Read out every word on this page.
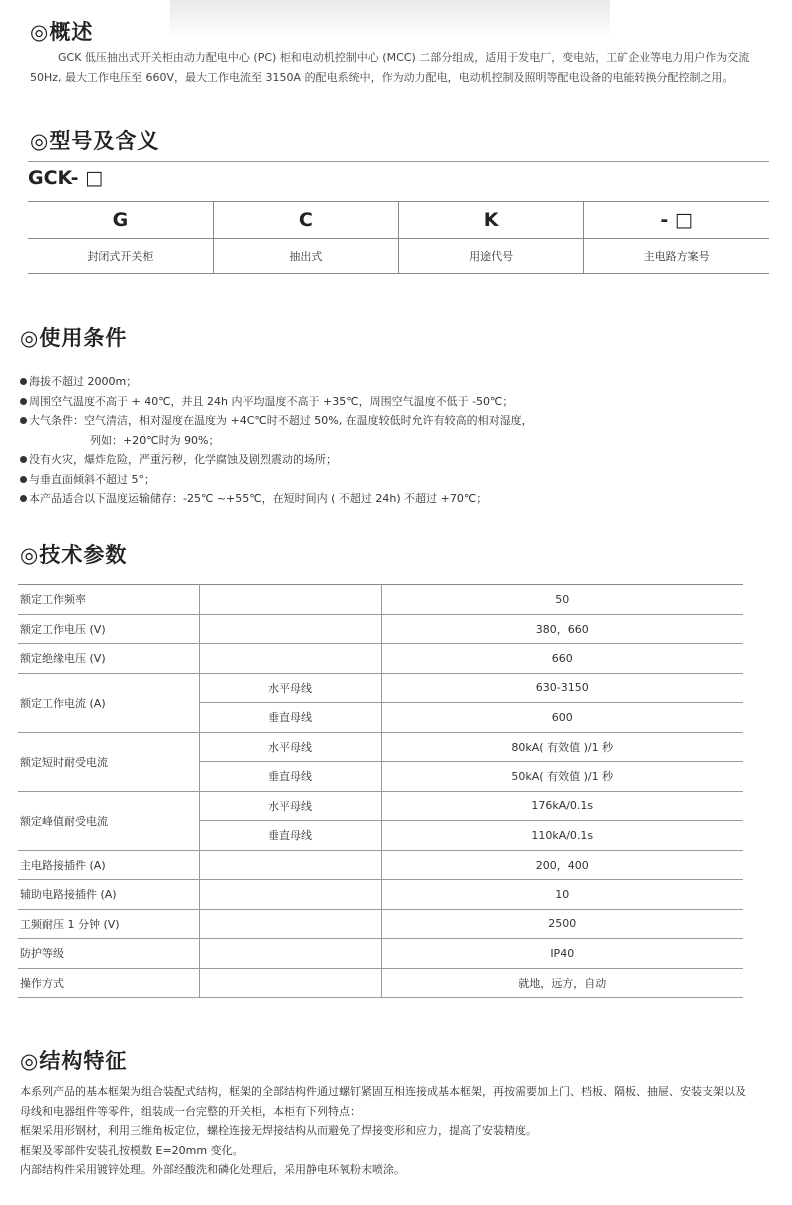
◎概述
GCK 低压抽出式开关柜由动力配电中心 (PC) 柜和电动机控制中心 (MCC) 二部分组成，适用于发电厂，变电站，工矿企业等电力用户作为交流 50Hz, 最大工作电压至 660V，最大工作电流至 3150A 的配电系统中，作为动力配电，电动机控制及照明等配电设备的电能转换分配控制之用。
◎型号及含义
GCK- □
G	C	K	- □
封闭式开关柜	抽出式	用途代号	主电路方案号
◎使用条件
海拔不超过 2000m；
周围空气温度不高于 + 40℃，并且 24h 内平均温度不高于 +35℃，周围空气温度不低于 -50℃；
大气条件：空气清洁，相对湿度在温度为 +4C℃时不超过 50%, 在温度较低时允许有较高的相对湿度，
列如：+20℃时为 90%；
没有火灾，爆炸危险，严重污秽，化学腐蚀及剧烈震动的场所；
与垂直面倾斜不超过 5°；
本产品适合以下温度运输储存：-25℃ ~+55℃，在短时间内 ( 不超过 24h) 不超过 +70℃；
◎技术参数
额定工作频率		50
额定工作电压 (V)		380，660
额定绝缘电压 (V)		660
额定工作电流 (A)	水平母线	630-3150
	垂直母线	600
额定短时耐受电流	水平母线	80kA( 有效值 )/1 秒
	垂直母线	50kA( 有效值 )/1 秒
额定峰值耐受电流	水平母线	176kA/0.1s
	垂直母线	110kA/0.1s
主电路接插件 (A)		200，400
辅助电路接插件 (A)		10
工频耐压 1 分钟 (V)		2500
防护等级		IP40
操作方式		就地，远方，自动
◎结构特征
本系列产品的基本框架为组合装配式结构，框架的全部结构件通过螺钉紧固互相连接成基本框架，再按需要加上门、档板、隔板、抽屉、安装支架以及母线和电器组件等零件，组装成一台完整的开关柜，本柜有下列特点：
框架采用形钢材，利用三维角板定位，螺栓连接无焊接结构从而避免了焊接变形和应力，提高了安装精度。
框架及零部件安装孔按模数 E=20mm 变化。
内部结构件采用镀锌处理。外部经酸洗和磷化处理后，采用静电环氧粉末喷涂。
